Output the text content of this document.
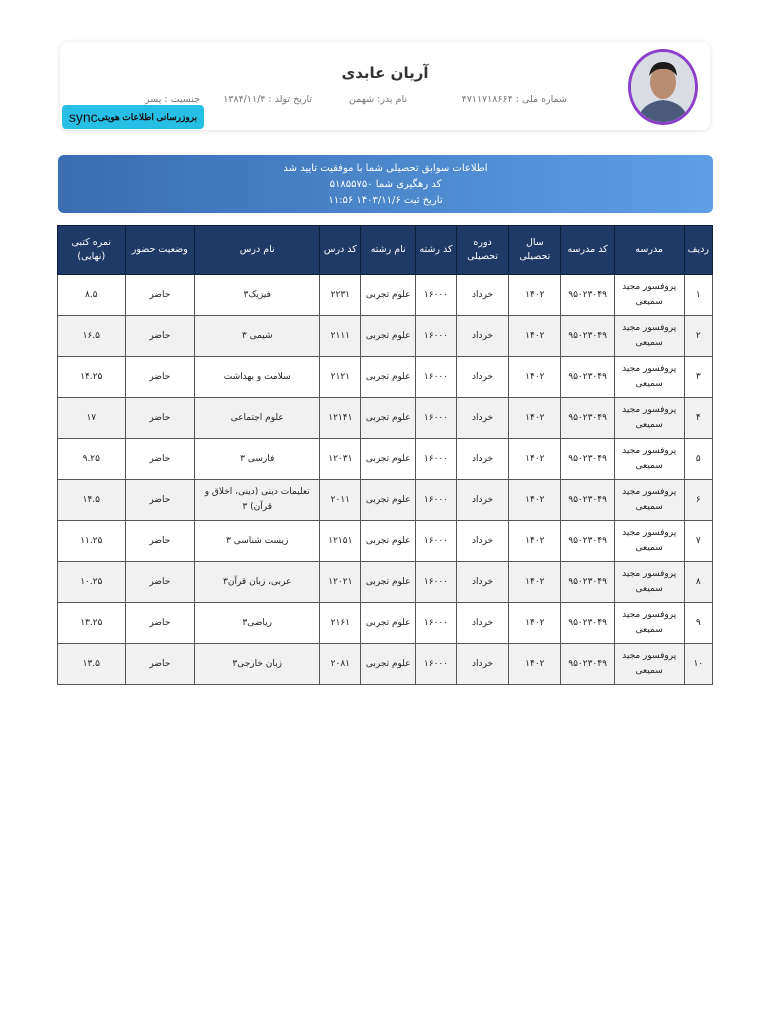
آریان عابدی
شماره ملی : ۴۷۱۱۷۱۸۶۶۴
نام پدر: شهمن
تاریخ تولد : ۱۳۸۴/۱۱/۴
جنسیت : پسر
بروزرسانی اطلاعات هویتی
sync
اطلاعات سوابق تحصیلی شما با موفقیت تایید شد
کد رهگیری شما ۵۱۸۵۵۷۵۰
تاریخ ثبت ۱۴۰۳/۱۱/۶ ۱۱:۵۶
ردیف	مدرسه	کد مدرسه	سال تحصیلی	دوره تحصیلی	کد رشته	نام رشته	کد درس	نام درس	وضعیت حضور	نمره کتبی (نهایی)
۱	پروفسور مجید سمیعی	۹۵۰۲۳۰۴۹	۱۴۰۲	خرداد	۱۶۰۰۰	علوم تجربی	۲۲۳۱	فیزیک۳	حاضر	۸.۵
۲	پروفسور مجید سمیعی	۹۵۰۲۳۰۴۹	۱۴۰۲	خرداد	۱۶۰۰۰	علوم تجربی	۲۱۱۱	شیمی ۳	حاضر	۱۶.۵
۳	پروفسور مجید سمیعی	۹۵۰۲۳۰۴۹	۱۴۰۲	خرداد	۱۶۰۰۰	علوم تجربی	۲۱۲۱	سلامت و بهداشت	حاضر	۱۴.۲۵
۴	پروفسور مجید سمیعی	۹۵۰۲۳۰۴۹	۱۴۰۲	خرداد	۱۶۰۰۰	علوم تجربی	۱۲۱۴۱	علوم اجتماعی	حاضر	۱۷
۵	پروفسور مجید سمیعی	۹۵۰۲۳۰۴۹	۱۴۰۲	خرداد	۱۶۰۰۰	علوم تجربی	۱۲۰۳۱	فارسی ۳	حاضر	۹.۲۵
۶	پروفسور مجید سمیعی	۹۵۰۲۳۰۴۹	۱۴۰۲	خرداد	۱۶۰۰۰	علوم تجربی	۲۰۱۱	تعلیمات دینی (دینی، اخلاق و قرآن) ۳	حاضر	۱۴.۵
۷	پروفسور مجید سمیعی	۹۵۰۲۳۰۴۹	۱۴۰۲	خرداد	۱۶۰۰۰	علوم تجربی	۱۲۱۵۱	زیست شناسی ۳	حاضر	۱۱.۲۵
۸	پروفسور مجید سمیعی	۹۵۰۲۳۰۴۹	۱۴۰۲	خرداد	۱۶۰۰۰	علوم تجربی	۱۲۰۲۱	عربی، زبان قرآن۳	حاضر	۱۰.۲۵
۹	پروفسور مجید سمیعی	۹۵۰۲۳۰۴۹	۱۴۰۲	خرداد	۱۶۰۰۰	علوم تجربی	۲۱۶۱	ریاضی۳	حاضر	۱۳.۲۵
۱۰	پروفسور مجید سمیعی	۹۵۰۲۳۰۴۹	۱۴۰۲	خرداد	۱۶۰۰۰	علوم تجربی	۲۰۸۱	زبان خارجی۳	حاضر	۱۳.۵
